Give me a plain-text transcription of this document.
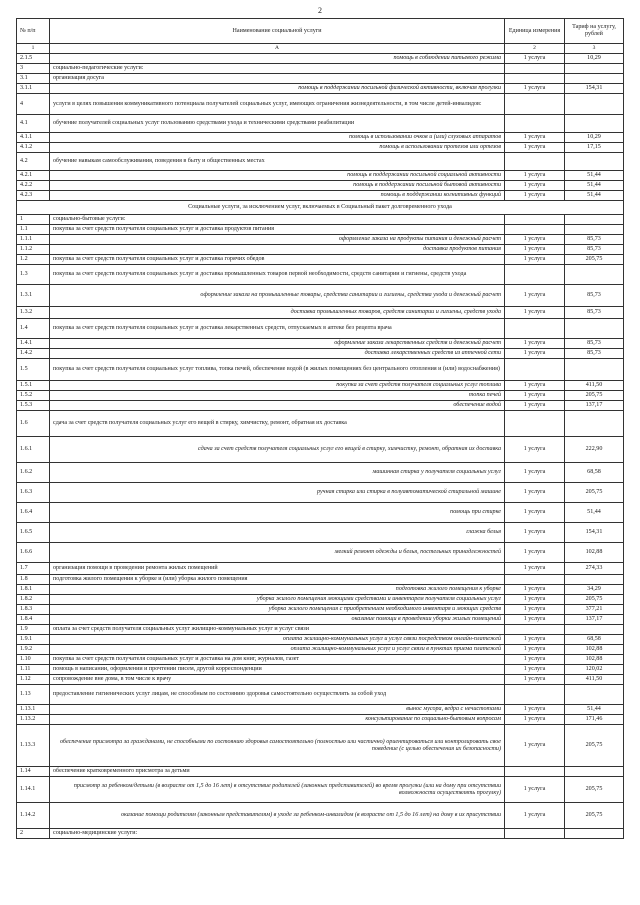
2
№ п/п	Наименование социальной услуги	Единица измерения	Тариф на услугу, рублей
1	А	2	3
2.1.5	помощь в соблюдении питьевого режима	1 услуга	10,29
3	социально-педагогические услуги:		
3.1	организация досуга		
3.1.1	помощь в поддержании посильной физической активности, включая прогулки	1 услуга	154,31
4	услуги в целях повышения коммуникативного потенциала получателей социальных услуг, имеющих ограничения жизнедеятельности, в том числе детей-инвалидов:		
4.1	обучение получателей социальных услуг пользованию средствами ухода и техническими средствами реабилитации		
4.1.1	помощь в использовании очков и (или) слуховых аппаратов	1 услуга	10,29
4.1.2	помощь в использовании протезов или ортезов	1 услуга	17,15
4.2	обучение навыкам самообслуживания, поведения в быту и общественных местах		
4.2.1	помощь в поддержании посильной социальной активности	1 услуга	51,44
4.2.2	помощь в поддержании посильной бытовой активности	1 услуга	51,44
4.2.3	помощь в поддержании когнитивных функций	1 услуга	51,44
Социальные услуги, за исключением услуг, включаемых в Социальный пакет долговременного ухода			
1	социально-бытовые услуги:		
1.1	покупка за счет средств получателя социальных услуг и доставка продуктов питания		
1.1.1	оформление заказа на продукты питания и денежный расчет	1 услуга	85,73
1.1.2	доставка продуктов питания	1 услуга	85,73
1.2	покупка за счет средств получателя социальных услуг и доставка горячих обедов	1 услуга	205,75
1.3	покупка за счет средств получателя социальных услуг и доставка промышленных товаров первой необходимости, средств санитарии и гигиены, средств ухода		
1.3.1	оформление заказа на промышленные товары, средства санитарии и гигиены, средства ухода и денежный расчет	1 услуга	85,73
1.3.2	доставка промышленных товаров, средств санитарии и гигиены, средств ухода	1 услуга	85,73
1.4	покупка за счет средств получателя социальных услуг и доставка лекарственных средств, отпускаемых в аптеке без рецепта врача		
1.4.1	оформление заказа лекарственных средств и денежный расчет	1 услуга	85,73
1.4.2	доставка лекарственных средств из аптечной сети	1 услуга	85,73
1.5	покупка за счет средств получателя социальных услуг топлива, топка печей, обеспечение водой (в жилых помещениях без центрального отопления и (или) водоснабжения)		
1.5.1	покупка за счет средств получателя социальных услуг топлива	1 услуга	411,50
1.5.2	топка печей	1 услуга	205,75
1.5.3	обеспечение водой	1 услуга	137,17
1.6	сдача за счет средств получателя социальных услуг его вещей в стирку, химчистку, ремонт, обратная их доставка		
1.6.1	сдача за счет средств получателя социальных услуг его вещей в стирку, химчистку, ремонт, обратная их доставка	1 услуга	222,90
1.6.2	машинная стирка у получателя социальных услуг	1 услуга	68,58
1.6.3	ручная стирка или стирка в полуавтоматической стиральной машине	1 услуга	205,75
1.6.4	помощь при стирке	1 услуга	51,44
1.6.5	глажка белья	1 услуга	154,31
1.6.6	мелкий ремонт одежды и белья, постельных принадлежностей	1 услуга	102,88
1.7	организация помощи в проведении ремонта жилых помещений	1 услуга	274,33
1.8	подготовка жилого помещения к уборке и (или) уборка жилого помещения		
1.8.1	подготовка жилого помещения к уборке	1 услуга	34,29
1.8.2	уборка жилого помещения моющими средствами и инвентарем получателя социальных услуг	1 услуга	205,75
1.8.3	уборка жилого помещения с приобретением необходимого инвентаря и моющих средств	1 услуга	377,21
1.8.4	оказание помощи в проведении уборки жилых помещений	1 услуга	137,17
1.9	оплата за счет средств получателя социальных услуг жилищно-коммунальных услуг и услуг связи		
1.9.1	оплата жилищно-коммунальных услуг и услуг связи посредством онлайн-платежей	1 услуга	68,58
1.9.2	оплата жилищно-коммунальных услуг и услуг связи в пунктах приема платежей	1 услуга	102,88
1.10	покупка за счет средств получателя социальных услуг и доставка на дом книг, журналов, газет	1 услуга	102,88
1.11	помощь в написании, оформлении и прочтении писем, другой корреспонденции	1 услуга	120,02
1.12	сопровождение вне дома, в том числе к врачу	1 услуга	411,50
1.13	предоставление гигиенических услуг лицам, не способным по состоянию здоровья самостоятельно осуществлять за собой уход		
1.13.1	вынос мусора, ведра с нечистотами	1 услуга	51,44
1.13.2	консультирование по социально-бытовым вопросам	1 услуга	171,46
1.13.3	обеспечение присмотра за гражданами, не способными по состоянию здоровья самостоятельно (полностью или частично) ориентироваться или контролировать свое поведение (с целью обеспечения их безопасности)	1 услуга	205,75
1.14	обеспечение кратковременного присмотра за детьми		
1.14.1	присмотр за ребенком/детьми (в возрасте от 1,5 до 16 лет) в отсутствие родителей (законных представителей) во время прогулки (или на дому при отсутствии возможности осуществлять прогулку)	1 услуга	205,75
1.14.2	оказание помощи родителям (законным представителям) в уходе за ребенком-инвалидом (в возрасте от 1,5 до 16 лет) на дому в их присутствии	1 услуга	205,75
2	социально-медицинские услуги:		
